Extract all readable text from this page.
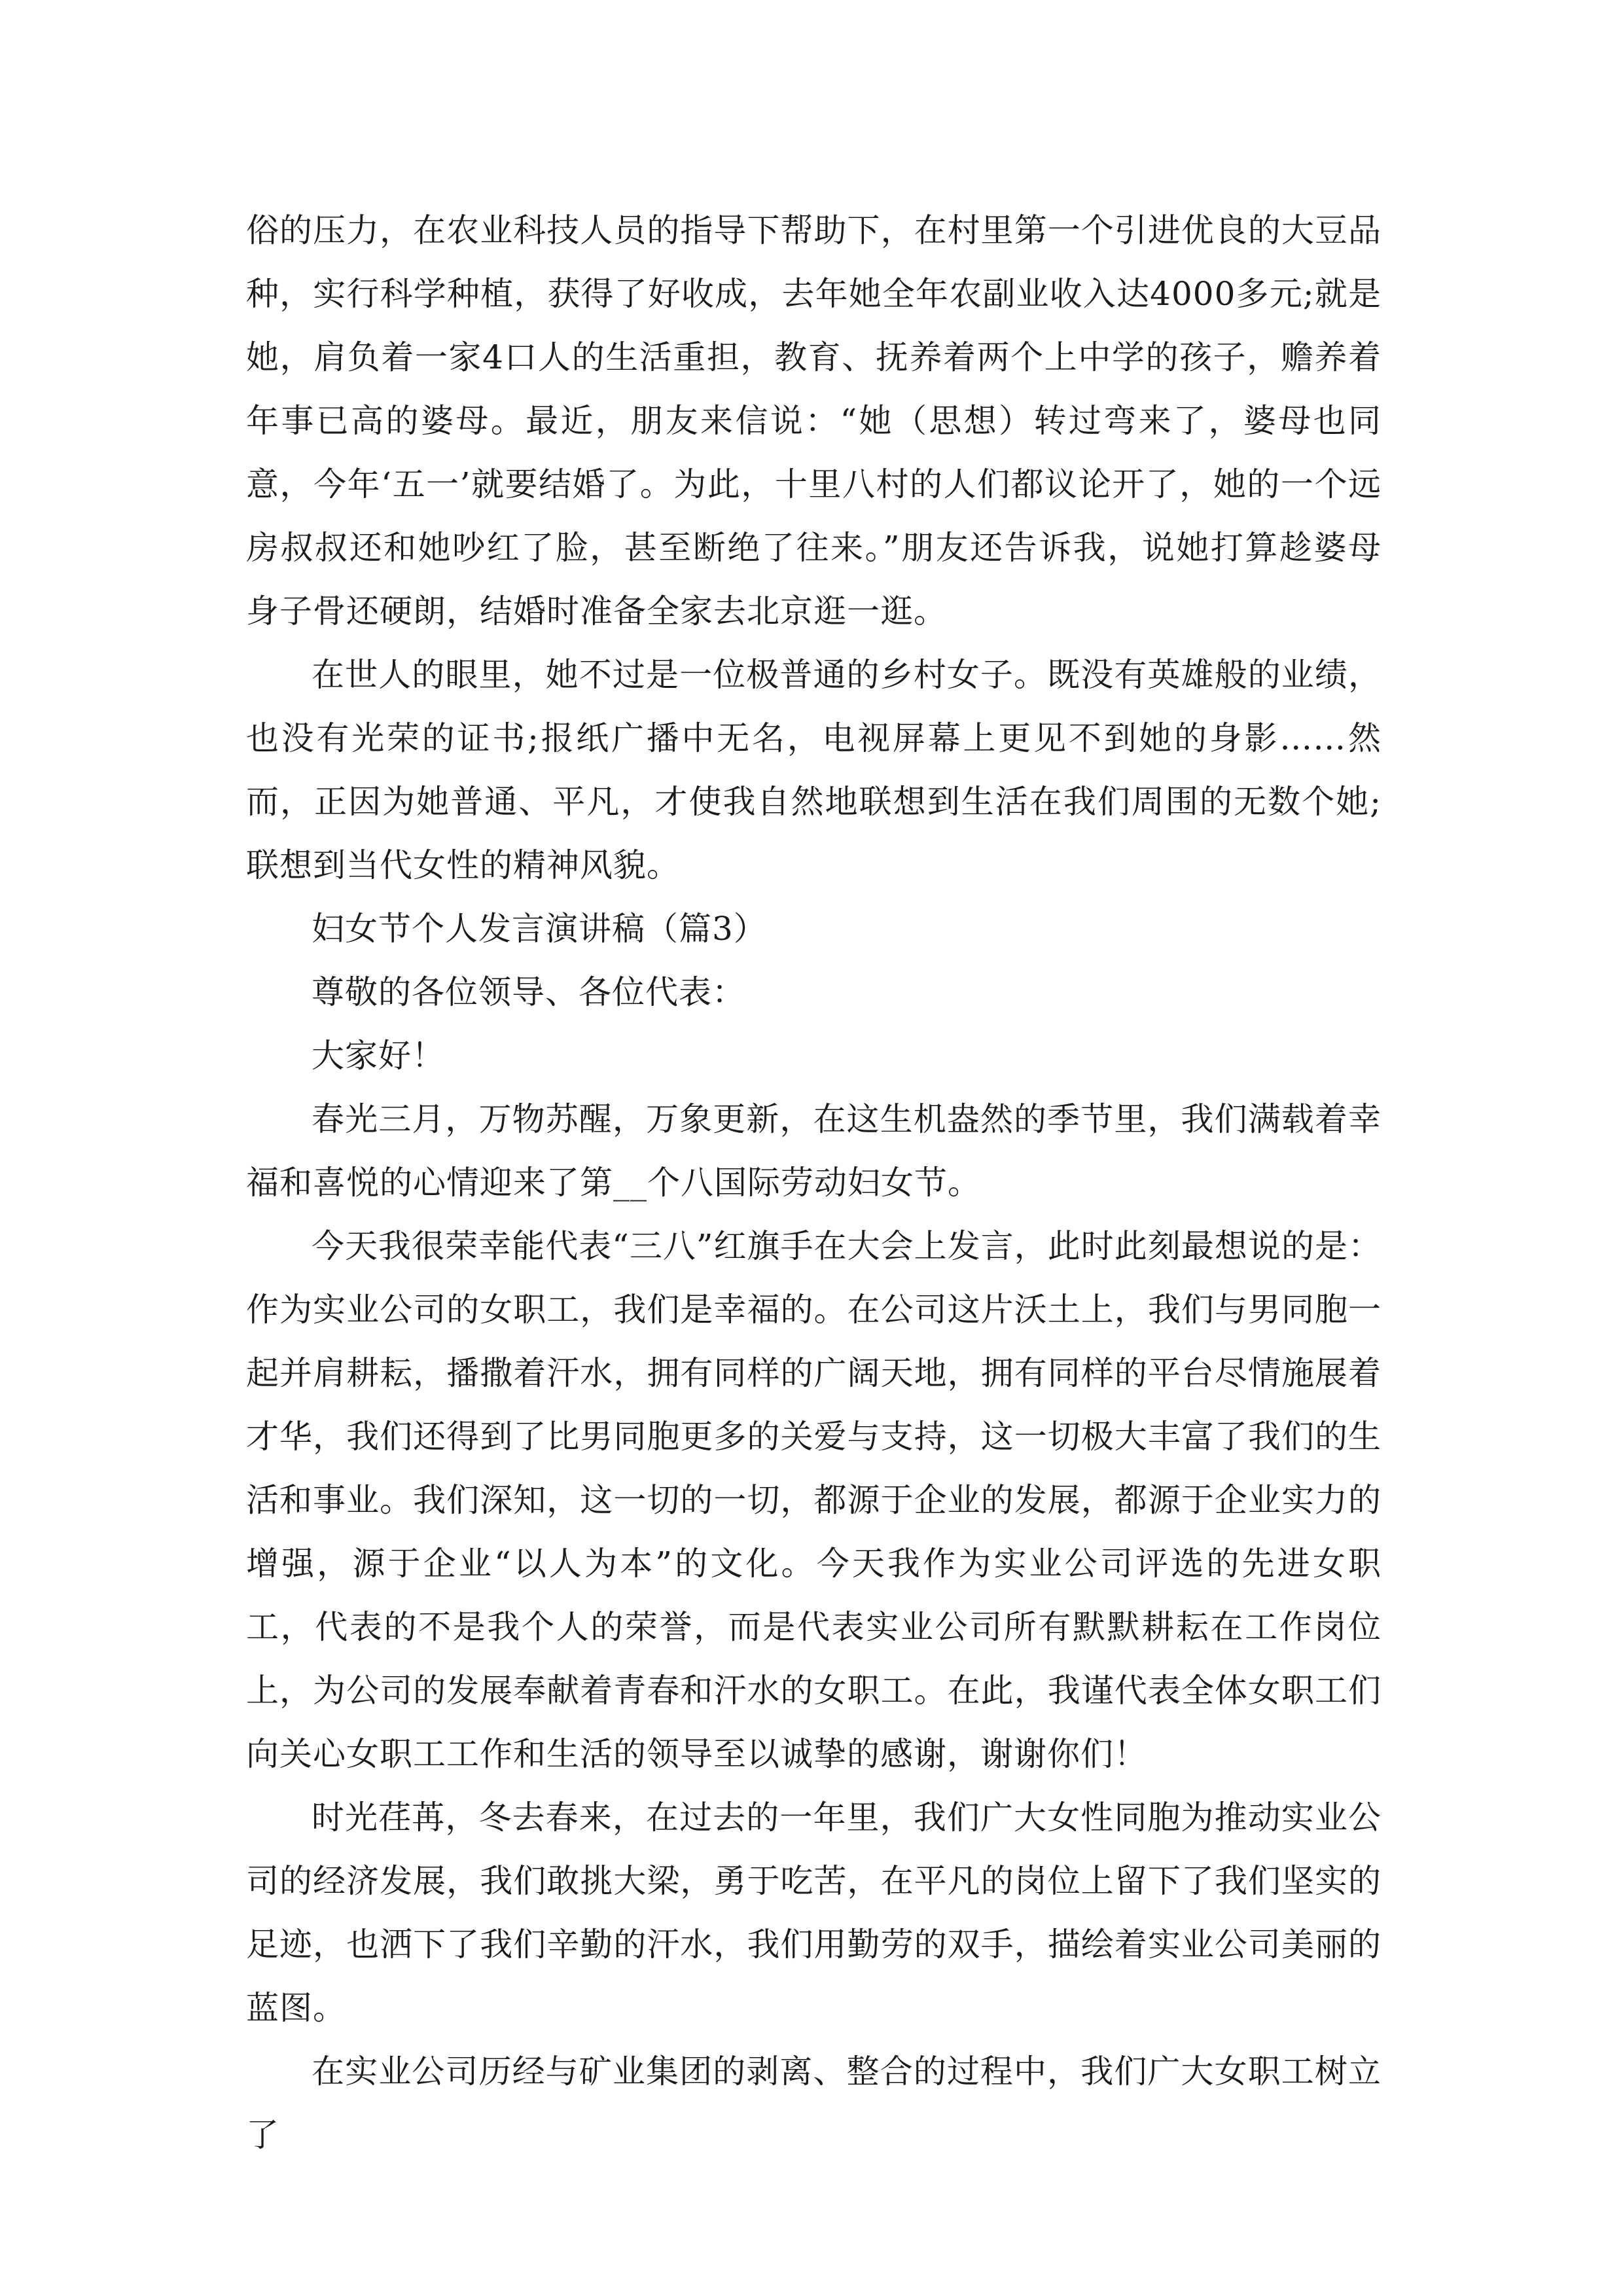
俗的压力，在农业科技人员的指导下帮助下，在村里第一个引进优良的大豆品种，实行科学种植，获得了好收成，去年她全年农副业收入达4000多元;就是她，肩负着一家4口人的生活重担，教育、抚养着两个上中学的孩子，赡养着年事已高的婆母。最近，朋友来信说：“她（思想）转过弯来了，婆母也同意，今年‘五一’就要结婚了。为此，十里八村的人们都议论开了，她的一个远房叔叔还和她吵红了脸，甚至断绝了往来。”朋友还告诉我，说她打算趁婆母身子骨还硬朗，结婚时准备全家去北京逛一逛。

在世人的眼里，她不过是一位极普通的乡村女子。既没有英雄般的业绩，也没有光荣的证书;报纸广播中无名，电视屏幕上更见不到她的身影……然而，正因为她普通、平凡，才使我自然地联想到生活在我们周围的无数个她;联想到当代女性的精神风貌。

妇女节个人发言演讲稿（篇3）

尊敬的各位领导、各位代表：

大家好！

春光三月，万物苏醒，万象更新，在这生机盎然的季节里，我们满载着幸福和喜悦的心情迎来了第__个八国际劳动妇女节。

今天我很荣幸能代表“三八”红旗手在大会上发言，此时此刻最想说的是：作为实业公司的女职工，我们是幸福的。在公司这片沃土上，我们与男同胞一起并肩耕耘，播撒着汗水，拥有同样的广阔天地，拥有同样的平台尽情施展着才华，我们还得到了比男同胞更多的关爱与支持，这一切极大丰富了我们的生活和事业。我们深知，这一切的一切，都源于企业的发展，都源于企业实力的增强，源于企业“以人为本”的文化。今天我作为实业公司评选的先进女职工，代表的不是我个人的荣誉，而是代表实业公司所有默默耕耘在工作岗位上，为公司的发展奉献着青春和汗水的女职工。在此，我谨代表全体女职工们向关心女职工工作和生活的领导至以诚挚的感谢，谢谢你们！

时光荏苒，冬去春来，在过去的一年里，我们广大女性同胞为推动实业公司的经济发展，我们敢挑大梁，勇于吃苦，在平凡的岗位上留下了我们坚实的足迹，也洒下了我们辛勤的汗水，我们用勤劳的双手，描绘着实业公司美丽的蓝图。

在实业公司历经与矿业集团的剥离、整合的过程中，我们广大女职工树立了
